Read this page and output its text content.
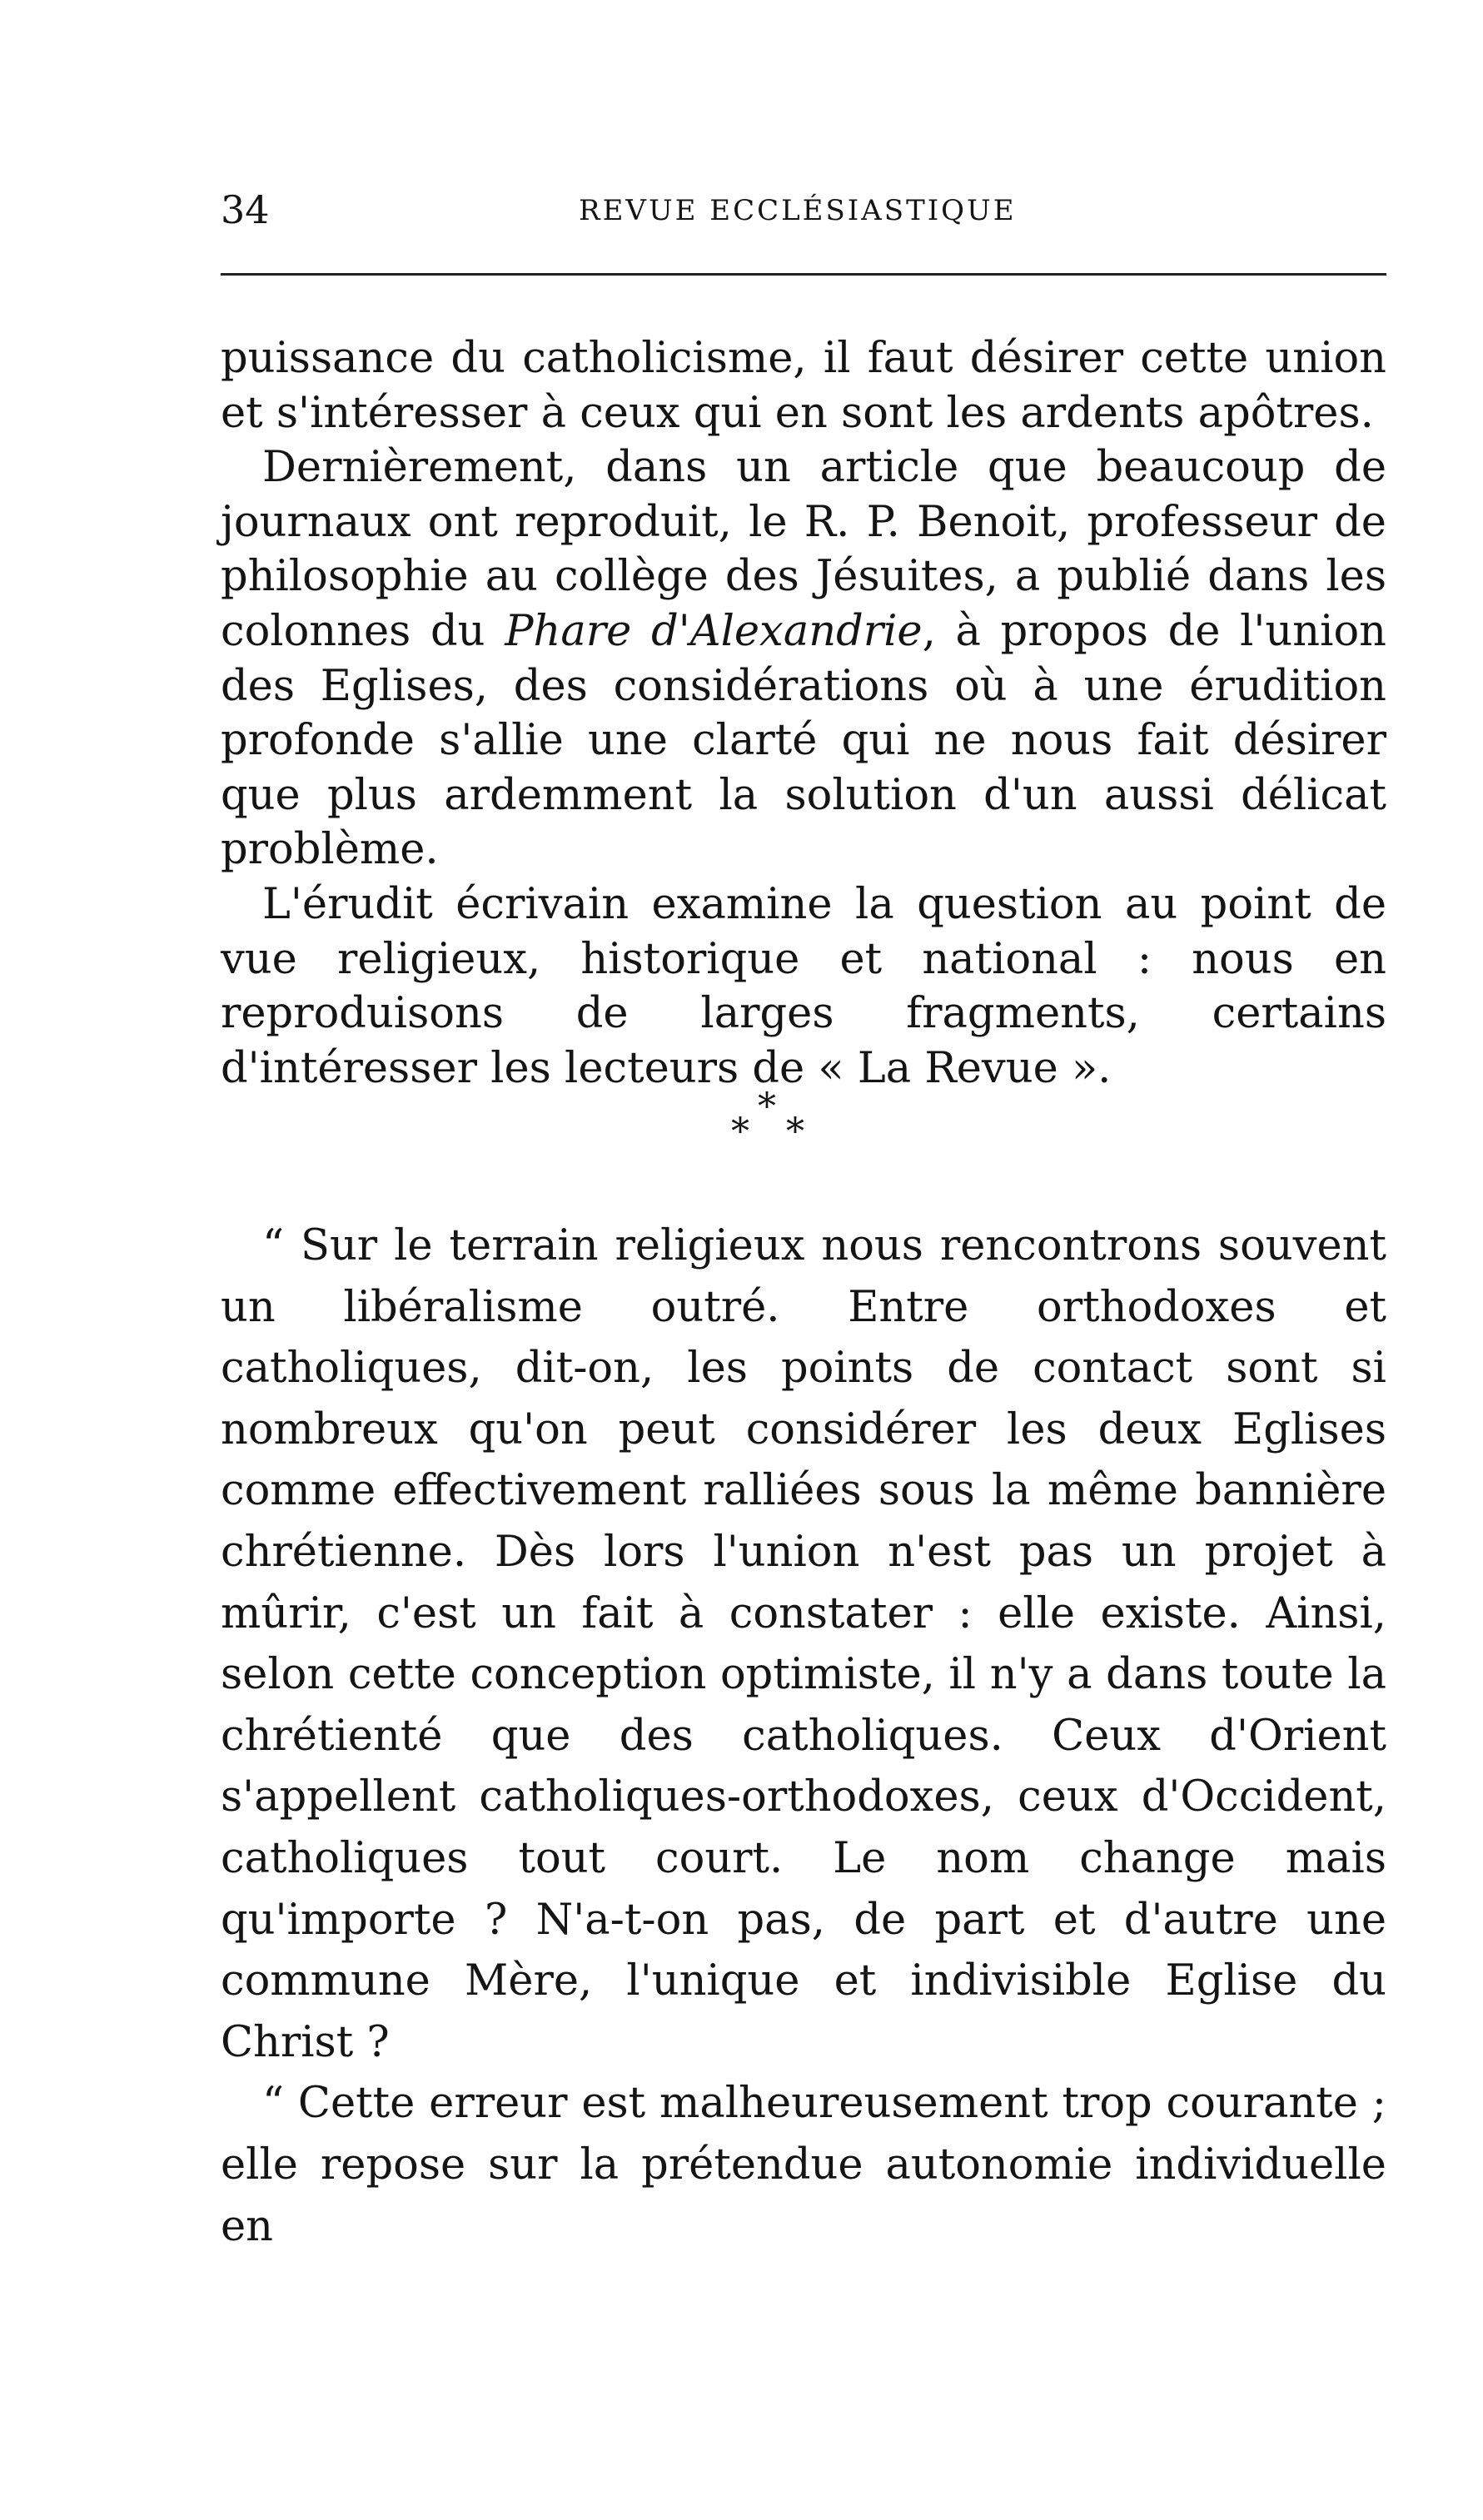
34	REVUE ECCLÉSIASTIQUE

puissance du catholicisme, il faut désirer cette union et s'intéresser à ceux qui en sont les ardents apôtres.

Dernièrement, dans un article que beaucoup de journaux ont reproduit, le R. P. Benoit, professeur de philosophie au collège des Jésuites, a publié dans les colonnes du Phare d'Alexandrie, à propos de l'union des Eglises, des considérations où à une érudition profonde s'allie une clarté qui ne nous fait désirer que plus ardemment la solution d'un aussi délicat problème.

L'érudit écrivain examine la question au point de vue religieux, historique et national : nous en reproduisons de larges fragments, certains d'intéresser les lecteurs de « La Revue ».

*
* *

“ Sur le terrain religieux nous rencontrons souvent un libéralisme outré. Entre orthodoxes et catholiques, dit-on, les points de contact sont si nombreux qu'on peut considérer les deux Eglises comme effectivement ralliées sous la même bannière chrétienne. Dès lors l'union n'est pas un projet à mûrir, c'est un fait à constater : elle existe. Ainsi, selon cette conception optimiste, il n'y a dans toute la chrétienté que des catholiques. Ceux d'Orient s'appellent catholiques-orthodoxes, ceux d'Occident, catholiques tout court. Le nom change mais qu'importe ? N'a-t-on pas, de part et d'autre une commune Mère, l'unique et indivisible Eglise du Christ ?

“ Cette erreur est malheureusement trop courante ; elle repose sur la prétendue autonomie individuelle en
